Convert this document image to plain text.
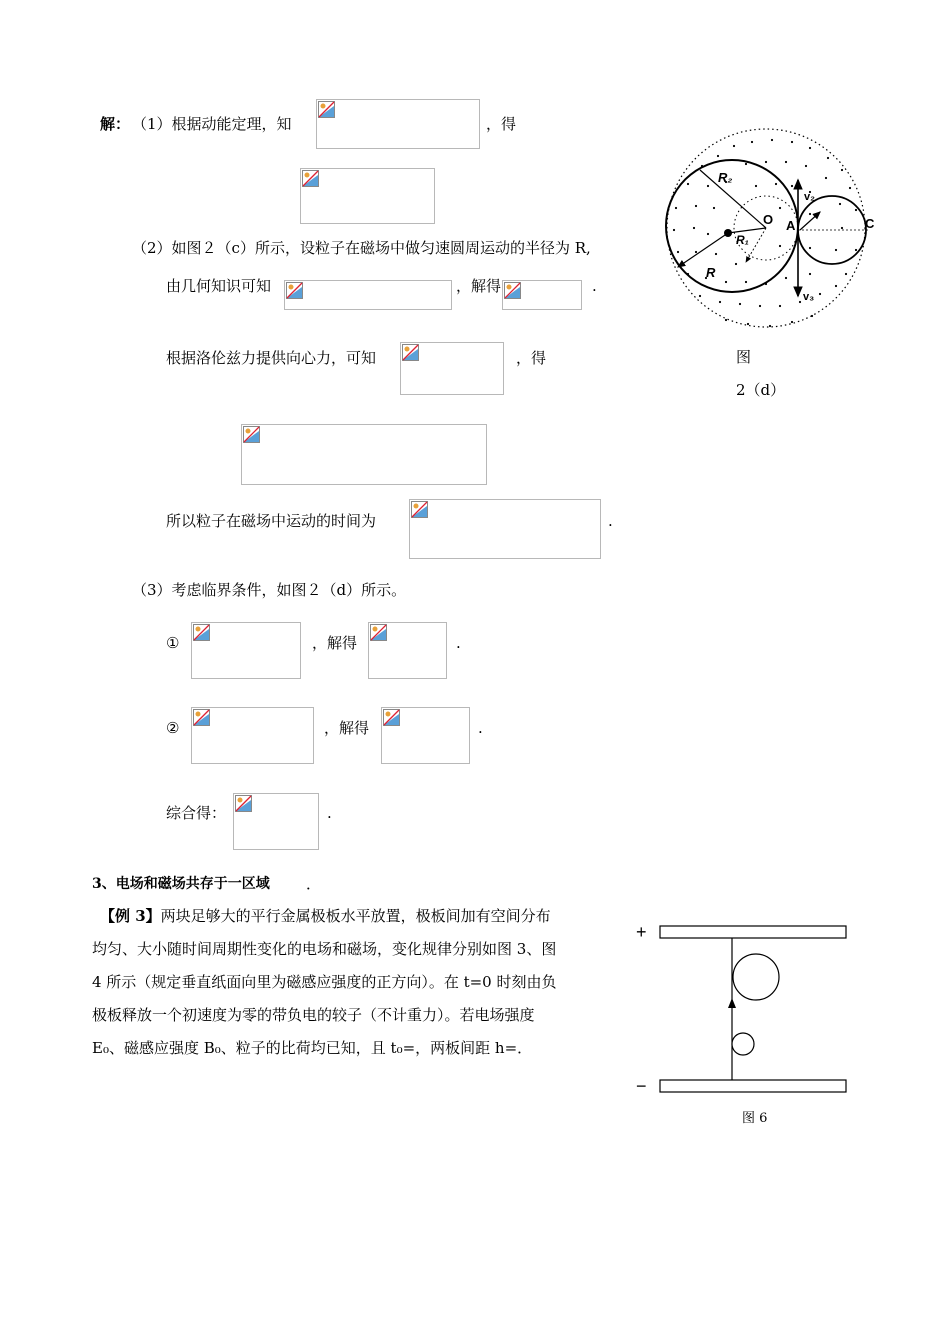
解： （1）根据动能定理，知	，得
（2）如图２（c）所示，设粒子在磁场中做匀速圆周运动的半径为 R,
由几何知识可知	，解得	.
根据洛伦兹力提供向心力，可知	，得
所以粒子在磁场中运动的时间为	.
（3）考虑临界条件，如图２（d）所示。
①	，解得	.
②	，解得	.
综合得：	.
R₂
R₁
R
O A	C
v₂
v₃
图
2（d）
3、电场和磁场共存于一区域 ．
【例 3】两块足够大的平行金属极板水平放置，极板间加有空间分布
均匀、大小随时间周期性变化的电场和磁场，变化规律分别如图 3、图
4 所示（规定垂直纸面向里为磁感应强度的正方向）。在 t=0 时刻由负
极板释放一个初速度为零的带负电的较子（不计重力）。若电场强度
E₀、磁感应强度 B₀、粒子的比荷均已知，且 t₀=，两板间距 h=．
+
−
图 6
